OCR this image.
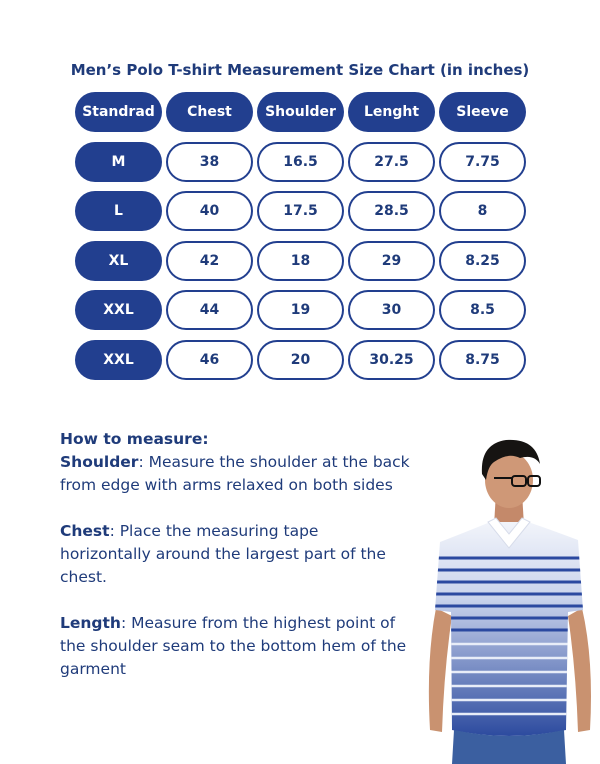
Men’s Polo T-shirt Measurement Size Chart (in inches)
Standrad	Chest	Shoulder	Lenght	Sleeve
M	38	16.5	27.5	7.75
L	40	17.5	28.5	8
XL	42	18	29	8.25
XXL	44	19	30	8.5
XXL	46	20	30.25	8.75
How to measure:
Shoulder: Measure the shoulder at the back from edge with arms relaxed on both sides
Chest: Place the measuring tape horizontally around the largest part of the chest.
Length: Measure from the highest point of the shoulder seam to the bottom hem of the garment
